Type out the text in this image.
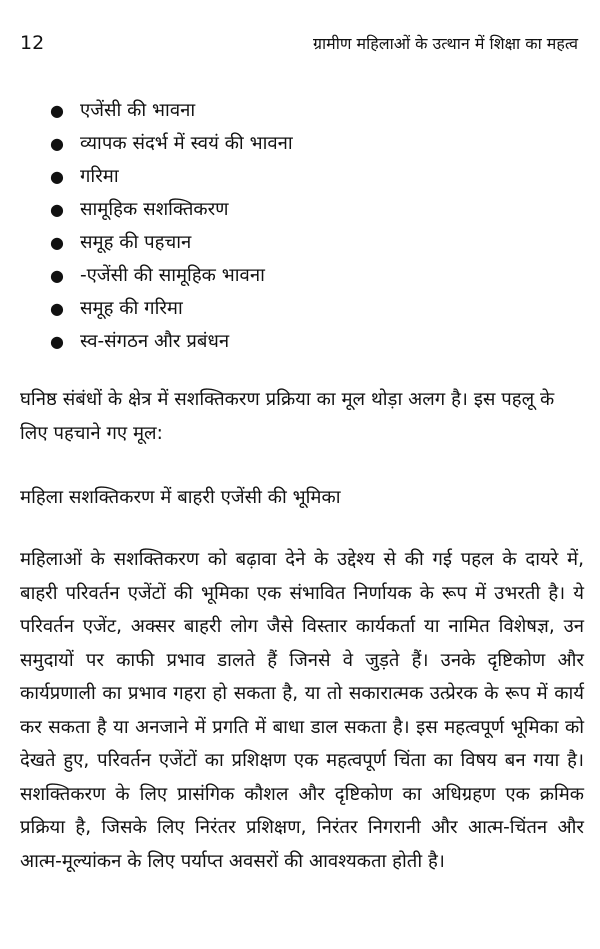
12	ग्रामीण महिलाओं के उत्थान में शिक्षा का महत्व
● एजेंसी की भावना
● व्यापक संदर्भ में स्वयं की भावना
● गरिमा
● सामूहिक सशक्तिकरण
● समूह की पहचान
● -एजेंसी की सामूहिक भावना
● समूह की गरिमा
● स्व-संगठन और प्रबंधन

घनिष्ठ संबंधों के क्षेत्र में सशक्तिकरण प्रक्रिया का मूल थोड़ा अलग है। इस पहलू के लिए पहचाने गए मूल:

महिला सशक्तिकरण में बाहरी एजेंसी की भूमिका

महिलाओं के सशक्तिकरण को बढ़ावा देने के उद्देश्य से की गई पहल के दायरे में, बाहरी परिवर्तन एजेंटों की भूमिका एक संभावित निर्णायक के रूप में उभरती है। ये परिवर्तन एजेंट, अक्सर बाहरी लोग जैसे विस्तार कार्यकर्ता या नामित विशेषज्ञ, उन समुदायों पर काफी प्रभाव डालते हैं जिनसे वे जुड़ते हैं। उनके दृष्टिकोण और कार्यप्रणाली का प्रभाव गहरा हो सकता है, या तो सकारात्मक उत्प्रेरक के रूप में कार्य कर सकता है या अनजाने में प्रगति में बाधा डाल सकता है। इस महत्वपूर्ण भूमिका को देखते हुए, परिवर्तन एजेंटों का प्रशिक्षण एक महत्वपूर्ण चिंता का विषय बन गया है। सशक्तिकरण के लिए प्रासंगिक कौशल और दृष्टिकोण का अधिग्रहण एक क्रमिक प्रक्रिया है, जिसके लिए निरंतर प्रशिक्षण, निरंतर निगरानी और आत्म-चिंतन और आत्म-मूल्यांकन के लिए पर्याप्त अवसरों की आवश्यकता होती है।
